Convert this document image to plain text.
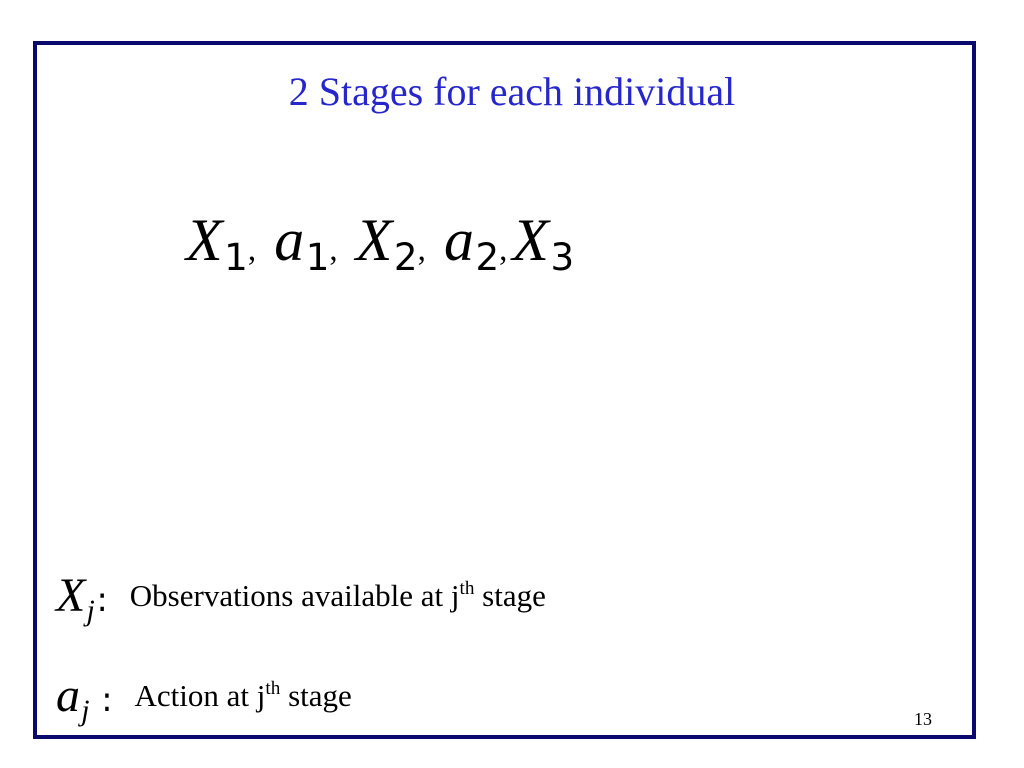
2 Stages for each individual
X1, a1, X2, a2,X3
Xj: Observations available at $j^{th}$ stage
aj : Action at $j^{th}$ stage
13
